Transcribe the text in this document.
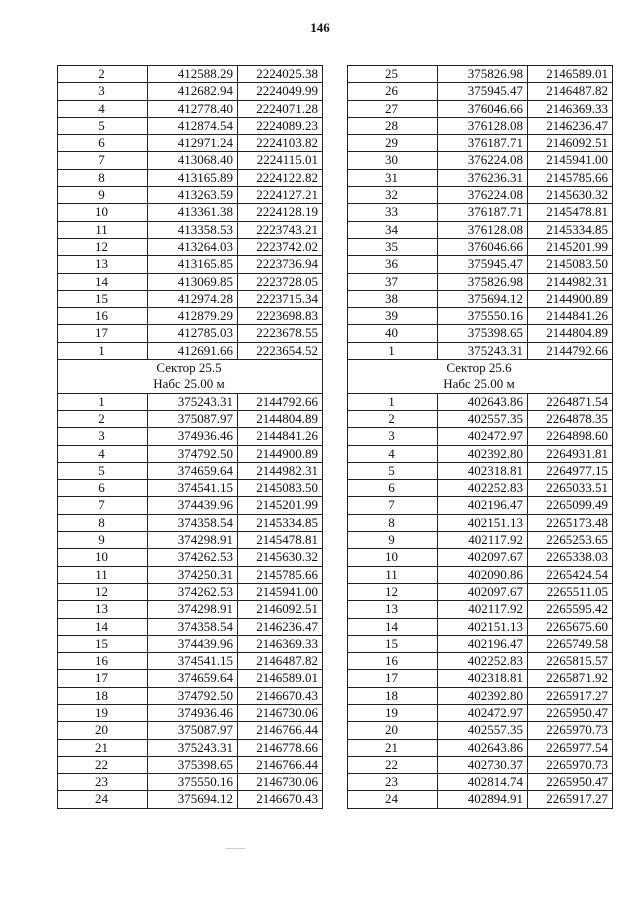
146
2	412588.29	2224025.38
3	412682.94	2224049.99
4	412778.40	2224071.28
5	412874.54	2224089.23
6	412971.24	2224103.82
7	413068.40	2224115.01
8	413165.89	2224122.82
9	413263.59	2224127.21
10	413361.38	2224128.19
11	413358.53	2223743.21
12	413264.03	2223742.02
13	413165.85	2223736.94
14	413069.85	2223728.05
15	412974.28	2223715.34
16	412879.29	2223698.83
17	412785.03	2223678.55
1	412691.66	2223654.52

Сектор 25.5
Набс 25.00 м		

1	375243.31	2144792.66
2	375087.97	2144804.89
3	374936.46	2144841.26
4	374792.50	2144900.89
5	374659.64	2144982.31
6	374541.15	2145083.50
7	374439.96	2145201.99
8	374358.54	2145334.85
9	374298.91	2145478.81
10	374262.53	2145630.32
11	374250.31	2145785.66
12	374262.53	2145941.00
13	374298.91	2146092.51
14	374358.54	2146236.47
15	374439.96	2146369.33
16	374541.15	2146487.82
17	374659.64	2146589.01
18	374792.50	2146670.43
19	374936.46	2146730.06
20	375087.97	2146766.44
21	375243.31	2146778.66
22	375398.65	2146766.44
23	375550.16	2146730.06
24	375694.12	2146670.43
25	375826.98	2146589.01
26	375945.47	2146487.82
27	376046.66	2146369.33
28	376128.08	2146236.47
29	376187.71	2146092.51
30	376224.08	2145941.00
31	376236.31	2145785.66
32	376224.08	2145630.32
33	376187.71	2145478.81
34	376128.08	2145334.85
35	376046.66	2145201.99
36	375945.47	2145083.50
37	375826.98	2144982.31
38	375694.12	2144900.89
39	375550.16	2144841.26
40	375398.65	2144804.89
1	375243.31	2144792.66

Сектор 25.6
Набс 25.00 м		

1	402643.86	2264871.54
2	402557.35	2264878.35
3	402472.97	2264898.60
4	402392.80	2264931.81
5	402318.81	2264977.15
6	402252.83	2265033.51
7	402196.47	2265099.49
8	402151.13	2265173.48
9	402117.92	2265253.65
10	402097.67	2265338.03
11	402090.86	2265424.54
12	402097.67	2265511.05
13	402117.92	2265595.42
14	402151.13	2265675.60
15	402196.47	2265749.58
16	402252.83	2265815.57
17	402318.81	2265871.92
18	402392.80	2265917.27
19	402472.97	2265950.47
20	402557.35	2265970.73
21	402643.86	2265977.54
22	402730.37	2265970.73
23	402814.74	2265950.47
24	402894.91	2265917.27
